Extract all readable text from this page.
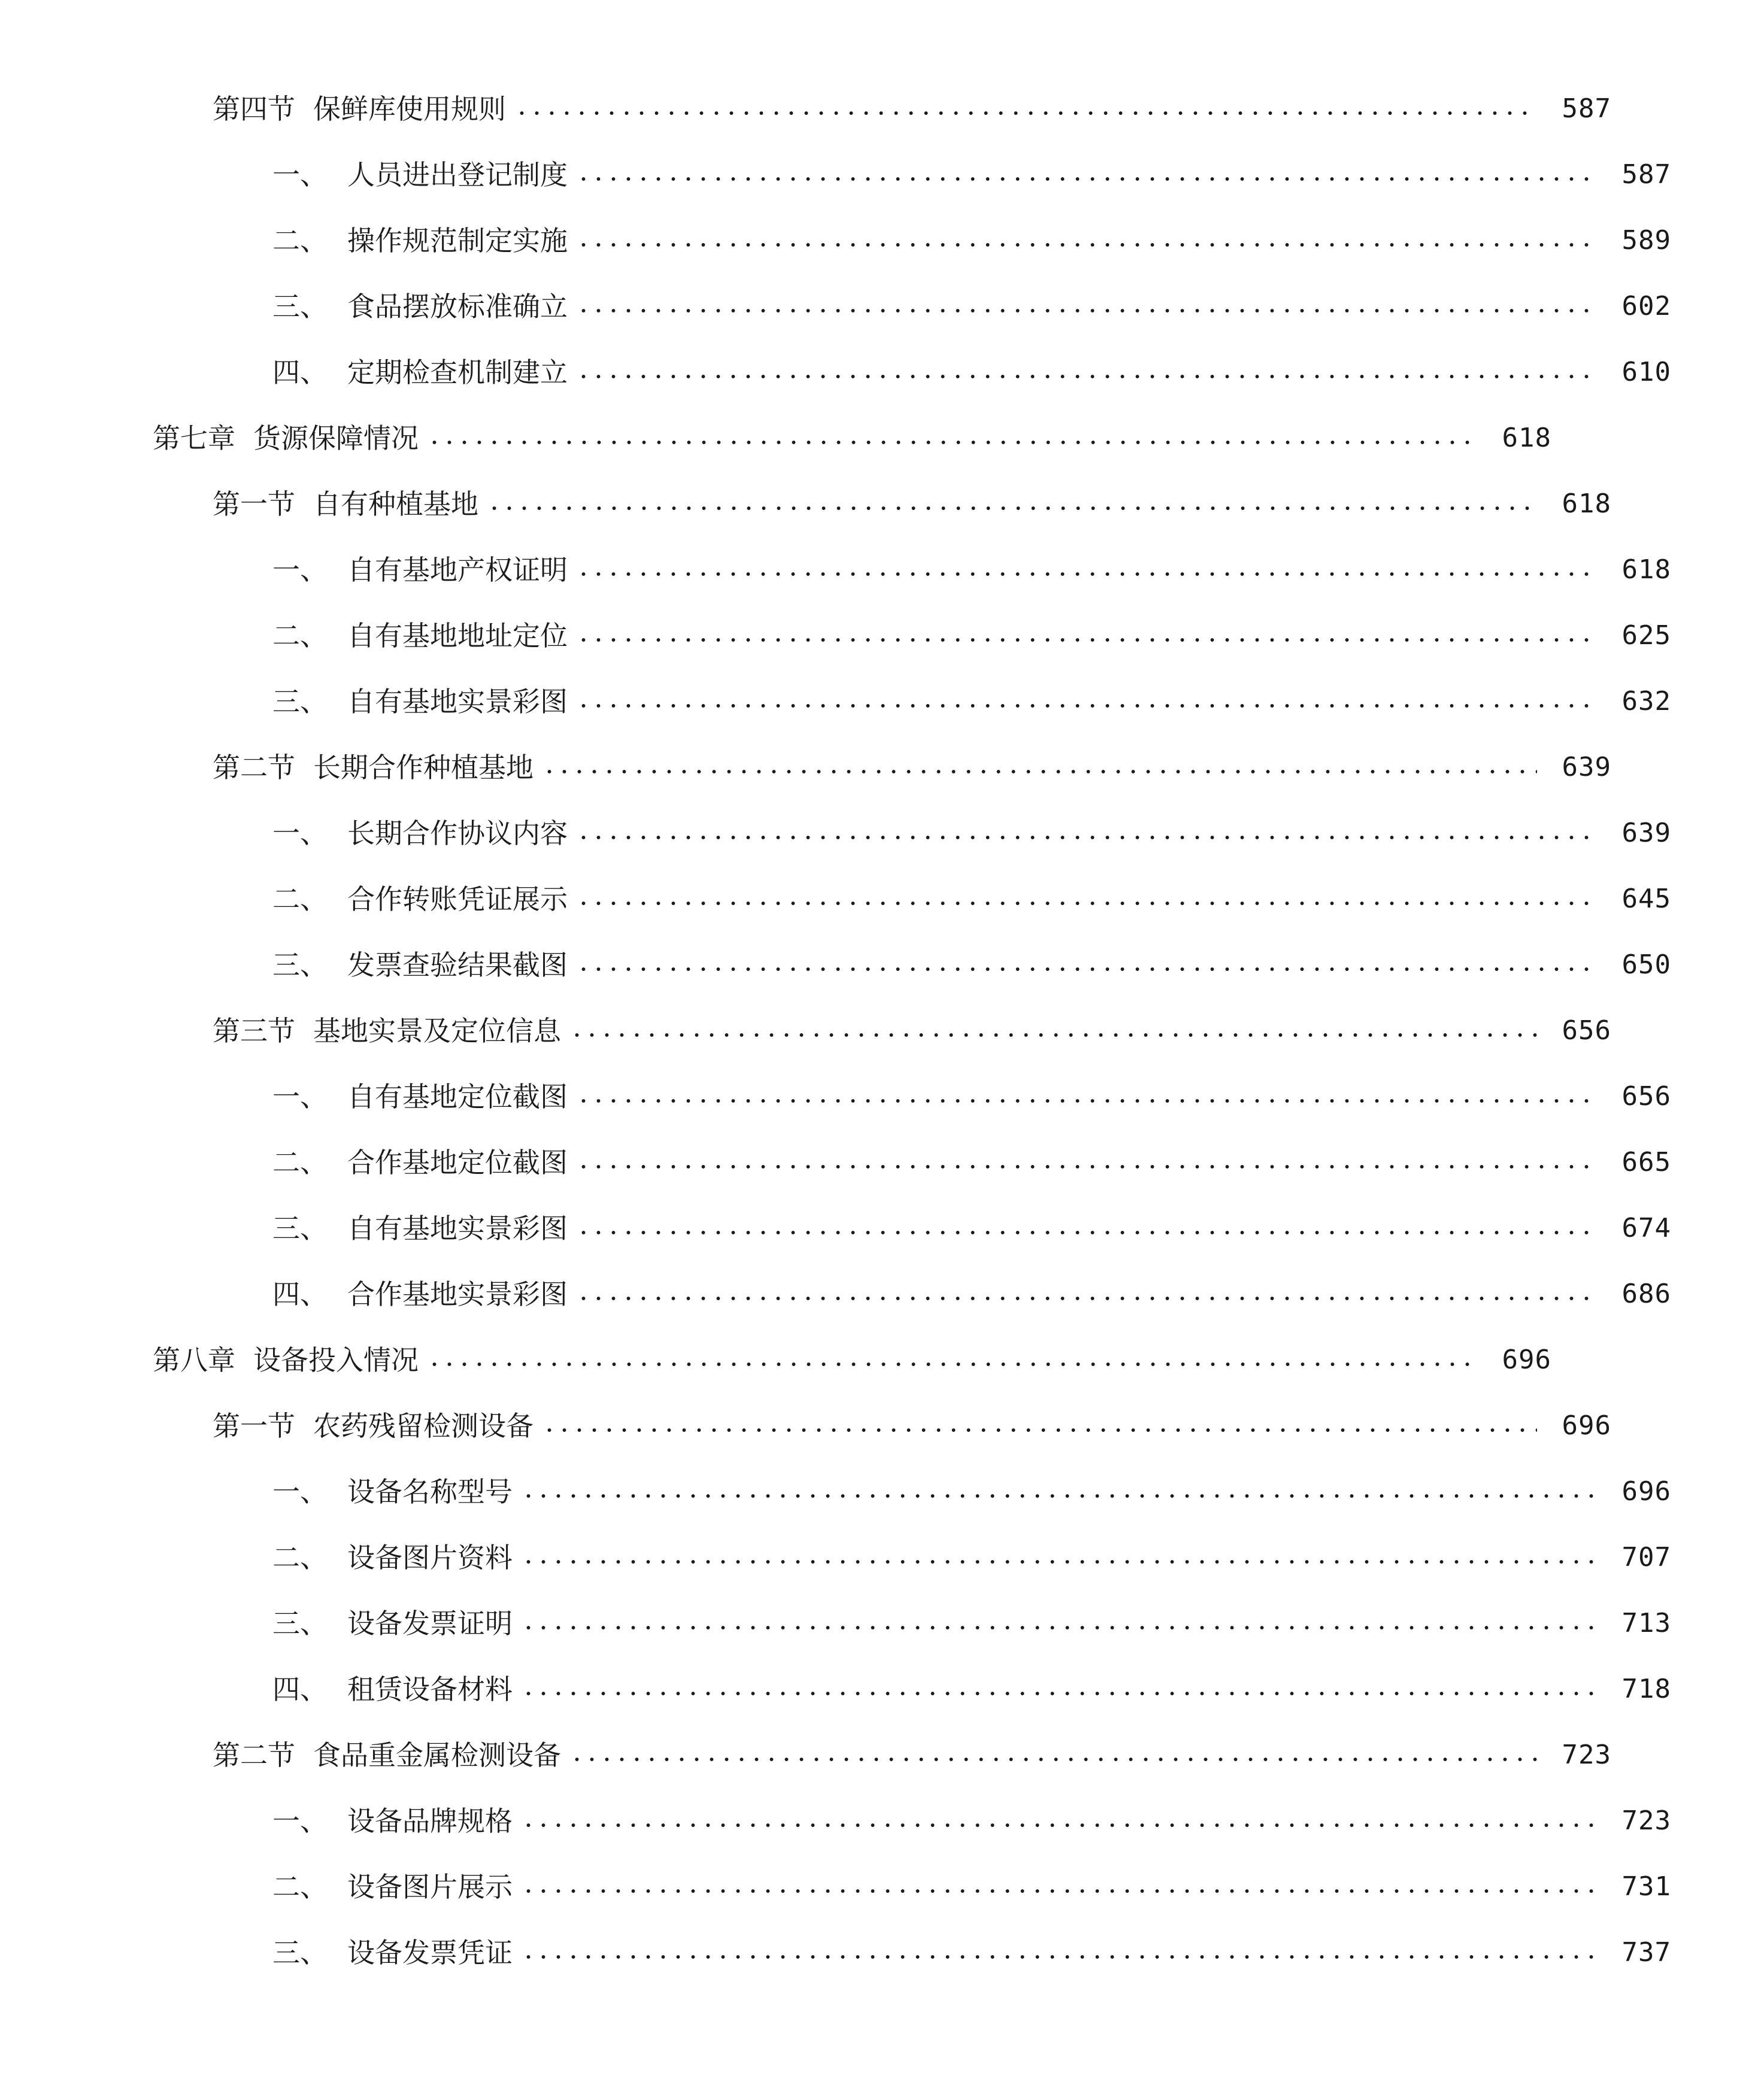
第四节 保鲜库使用规则	587
一、 人员进出登记制度	587
二、 操作规范制定实施	589
三、 食品摆放标准确立	602
四、 定期检查机制建立	610
第七章 货源保障情况	618
第一节 自有种植基地	618
一、 自有基地产权证明	618
二、 自有基地地址定位	625
三、 自有基地实景彩图	632
第二节 长期合作种植基地	639
一、 长期合作协议内容	639
二、 合作转账凭证展示	645
三、 发票查验结果截图	650
第三节 基地实景及定位信息	656
一、 自有基地定位截图	656
二、 合作基地定位截图	665
三、 自有基地实景彩图	674
四、 合作基地实景彩图	686
第八章 设备投入情况	696
第一节 农药残留检测设备	696
一、 设备名称型号	696
二、 设备图片资料	707
三、 设备发票证明	713
四、 租赁设备材料	718
第二节 食品重金属检测设备	723
一、 设备品牌规格	723
二、 设备图片展示	731
三、 设备发票凭证	737
